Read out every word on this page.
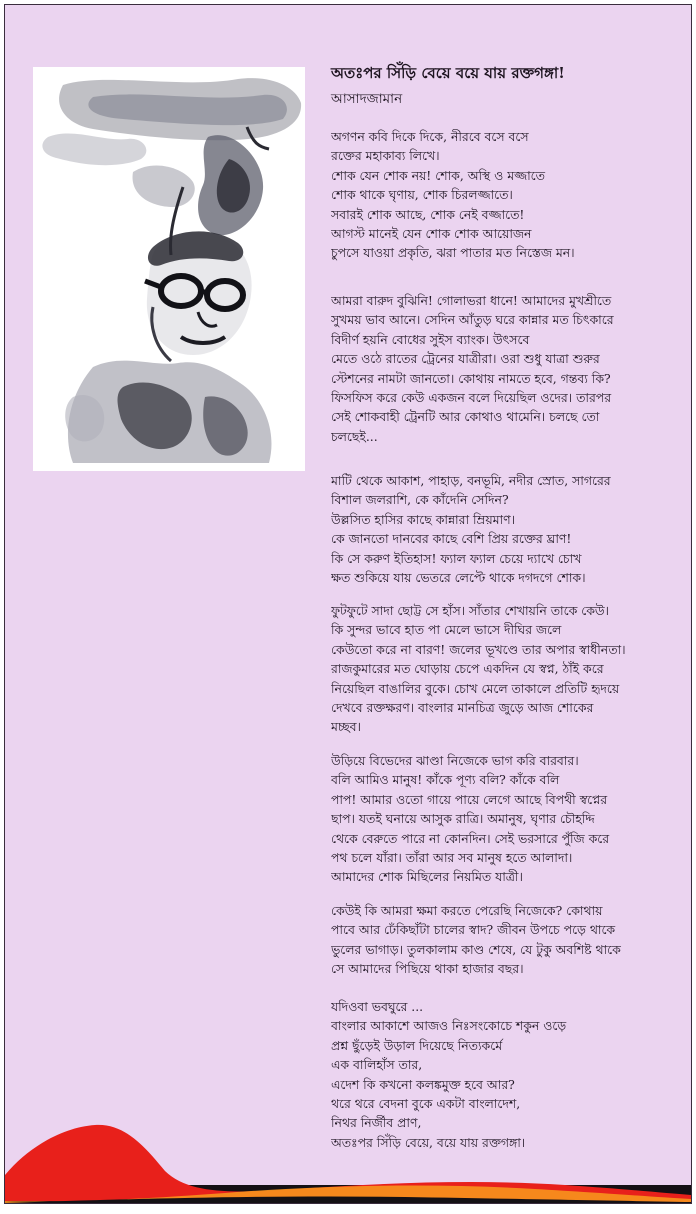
অতঃপর সিঁড়ি বেয়ে বয়ে যায় রক্তগঙ্গা!
আসাদজামান

অগণন কবি দিকে দিকে, নীরবে বসে বসে

রক্তের মহাকাব্য লিখে।

শোক যেন শোক নয়! শোক, অস্থি ও মজ্জাতে

শোক থাকে ঘৃণায়, শোক চিরলজ্জাতে।

সবারই শোক আছে, শোক নেই বজ্জাতে!

আগস্ট মানেই যেন শোক শোক আয়োজন

চুপসে যাওয়া প্রকৃতি, ঝরা পাতার মত নিস্তেজ মন।

আমরা বারুদ বুঝিনি! গোলাভরা ধানে! আমাদের মুখশ্রীতে

সুখময় ভাব আনে। সেদিন আঁতুড় ঘরে কান্নার মত চিৎকারে

বিদীর্ণ হয়নি বোধের সুইস ব্যাংক। উৎসবে

মেতে ওঠে রাতের ট্রেনের যাত্রীরা। ওরা শুধু যাত্রা শুরুর

স্টেশনের নামটা জানতো। কোথায় নামতে হবে, গন্তব্য কি?

ফিসফিস করে কেউ একজন বলে দিয়েছিল ওদের। তারপর

সেই শোকবাহী ট্রেনটি আর কোথাও থামেনি। চলছে তো

চলছেই...

মাটি থেকে আকাশ, পাহাড়, বনভূমি, নদীর স্রোত, সাগরের

বিশাল জলরাশি, কে কাঁদেনি সেদিন?

উল্লসিত হাসির কাছে কান্নারা ম্রিয়মাণ।

কে জানতো দানবের কাছে বেশি প্রিয় রক্তের ঘ্রাণ!

কি সে করুণ ইতিহাস! ফ্যাল ফ্যাল চেয়ে দ্যাখে চোখ

ক্ষত শুকিয়ে যায় ভেতরে লেপ্টে থাকে দগদগে শোক।

ফুটফুটে সাদা ছোট্ট সে হাঁস। সাঁতার শেখায়নি তাকে কেউ।

কি সুন্দর ভাবে হাত পা মেলে ভাসে দীঘির জলে

কেউতো করে না বারণ! জলের ভূখণ্ডে তার অপার স্বাধীনতা।

রাজকুমারের মত ঘোড়ায় চেপে একদিন যে স্বপ্ন, ঠাঁই করে

নিয়েছিল বাঙালির বুকে। চোখ মেলে তাকালে প্রতিটি হৃদয়ে

দেখবে রক্তক্ষরণ। বাংলার মানচিত্র জুড়ে আজ শোকের

মচ্ছব।

উড়িয়ে বিভেদের ঝাণ্ডা নিজেকে ভাগ করি বারবার।

বলি আমিও মানুষ! কাঁকে পূণ্য বলি? কাঁকে বলি

পাপ! আমার ওতো গায়ে পায়ে লেগে আছে বিপথী স্বপ্নের

ছাপ। যতই ঘনায়ে আসুক রাত্রি। অমানুষ, ঘৃণার চৌহদ্দি

থেকে বেরুতে পারে না কোনদিন। সেই ভরসারে পুঁজি করে

পথ চলে যাঁরা। তাঁরা আর সব মানুষ হতে আলাদা।

আমাদের শোক মিছিলের নিয়মিত যাত্রী।

কেউই কি আমরা ক্ষমা করতে পেরেছি নিজেকে? কোথায়

পাবে আর ঢেঁকিছাঁটা চালের স্বাদ? জীবন উপচে পড়ে থাকে

ভুলের ভাগাড়। তুলকালাম কাণ্ড শেষে, যে টুকু অবশিষ্ট থাকে

সে আমাদের পিছিয়ে থাকা হাজার বছর।

যদিওবা ভবঘুরে ...

বাংলার আকাশে আজও নিঃসংকোচে শকুন ওড়ে

প্রশ্ন ছুঁড়েই উড়াল দিয়েছে নিত্যকর্মে

এক বালিহাঁস তার,

এদেশ কি কখনো কলঙ্কমুক্ত হবে আর?

থরে থরে বেদনা বুকে একটা বাংলাদেশ,

নিথর নির্জীব প্রাণ,

অতঃপর সিঁড়ি বেয়ে, বয়ে যায় রক্তগঙ্গা।
